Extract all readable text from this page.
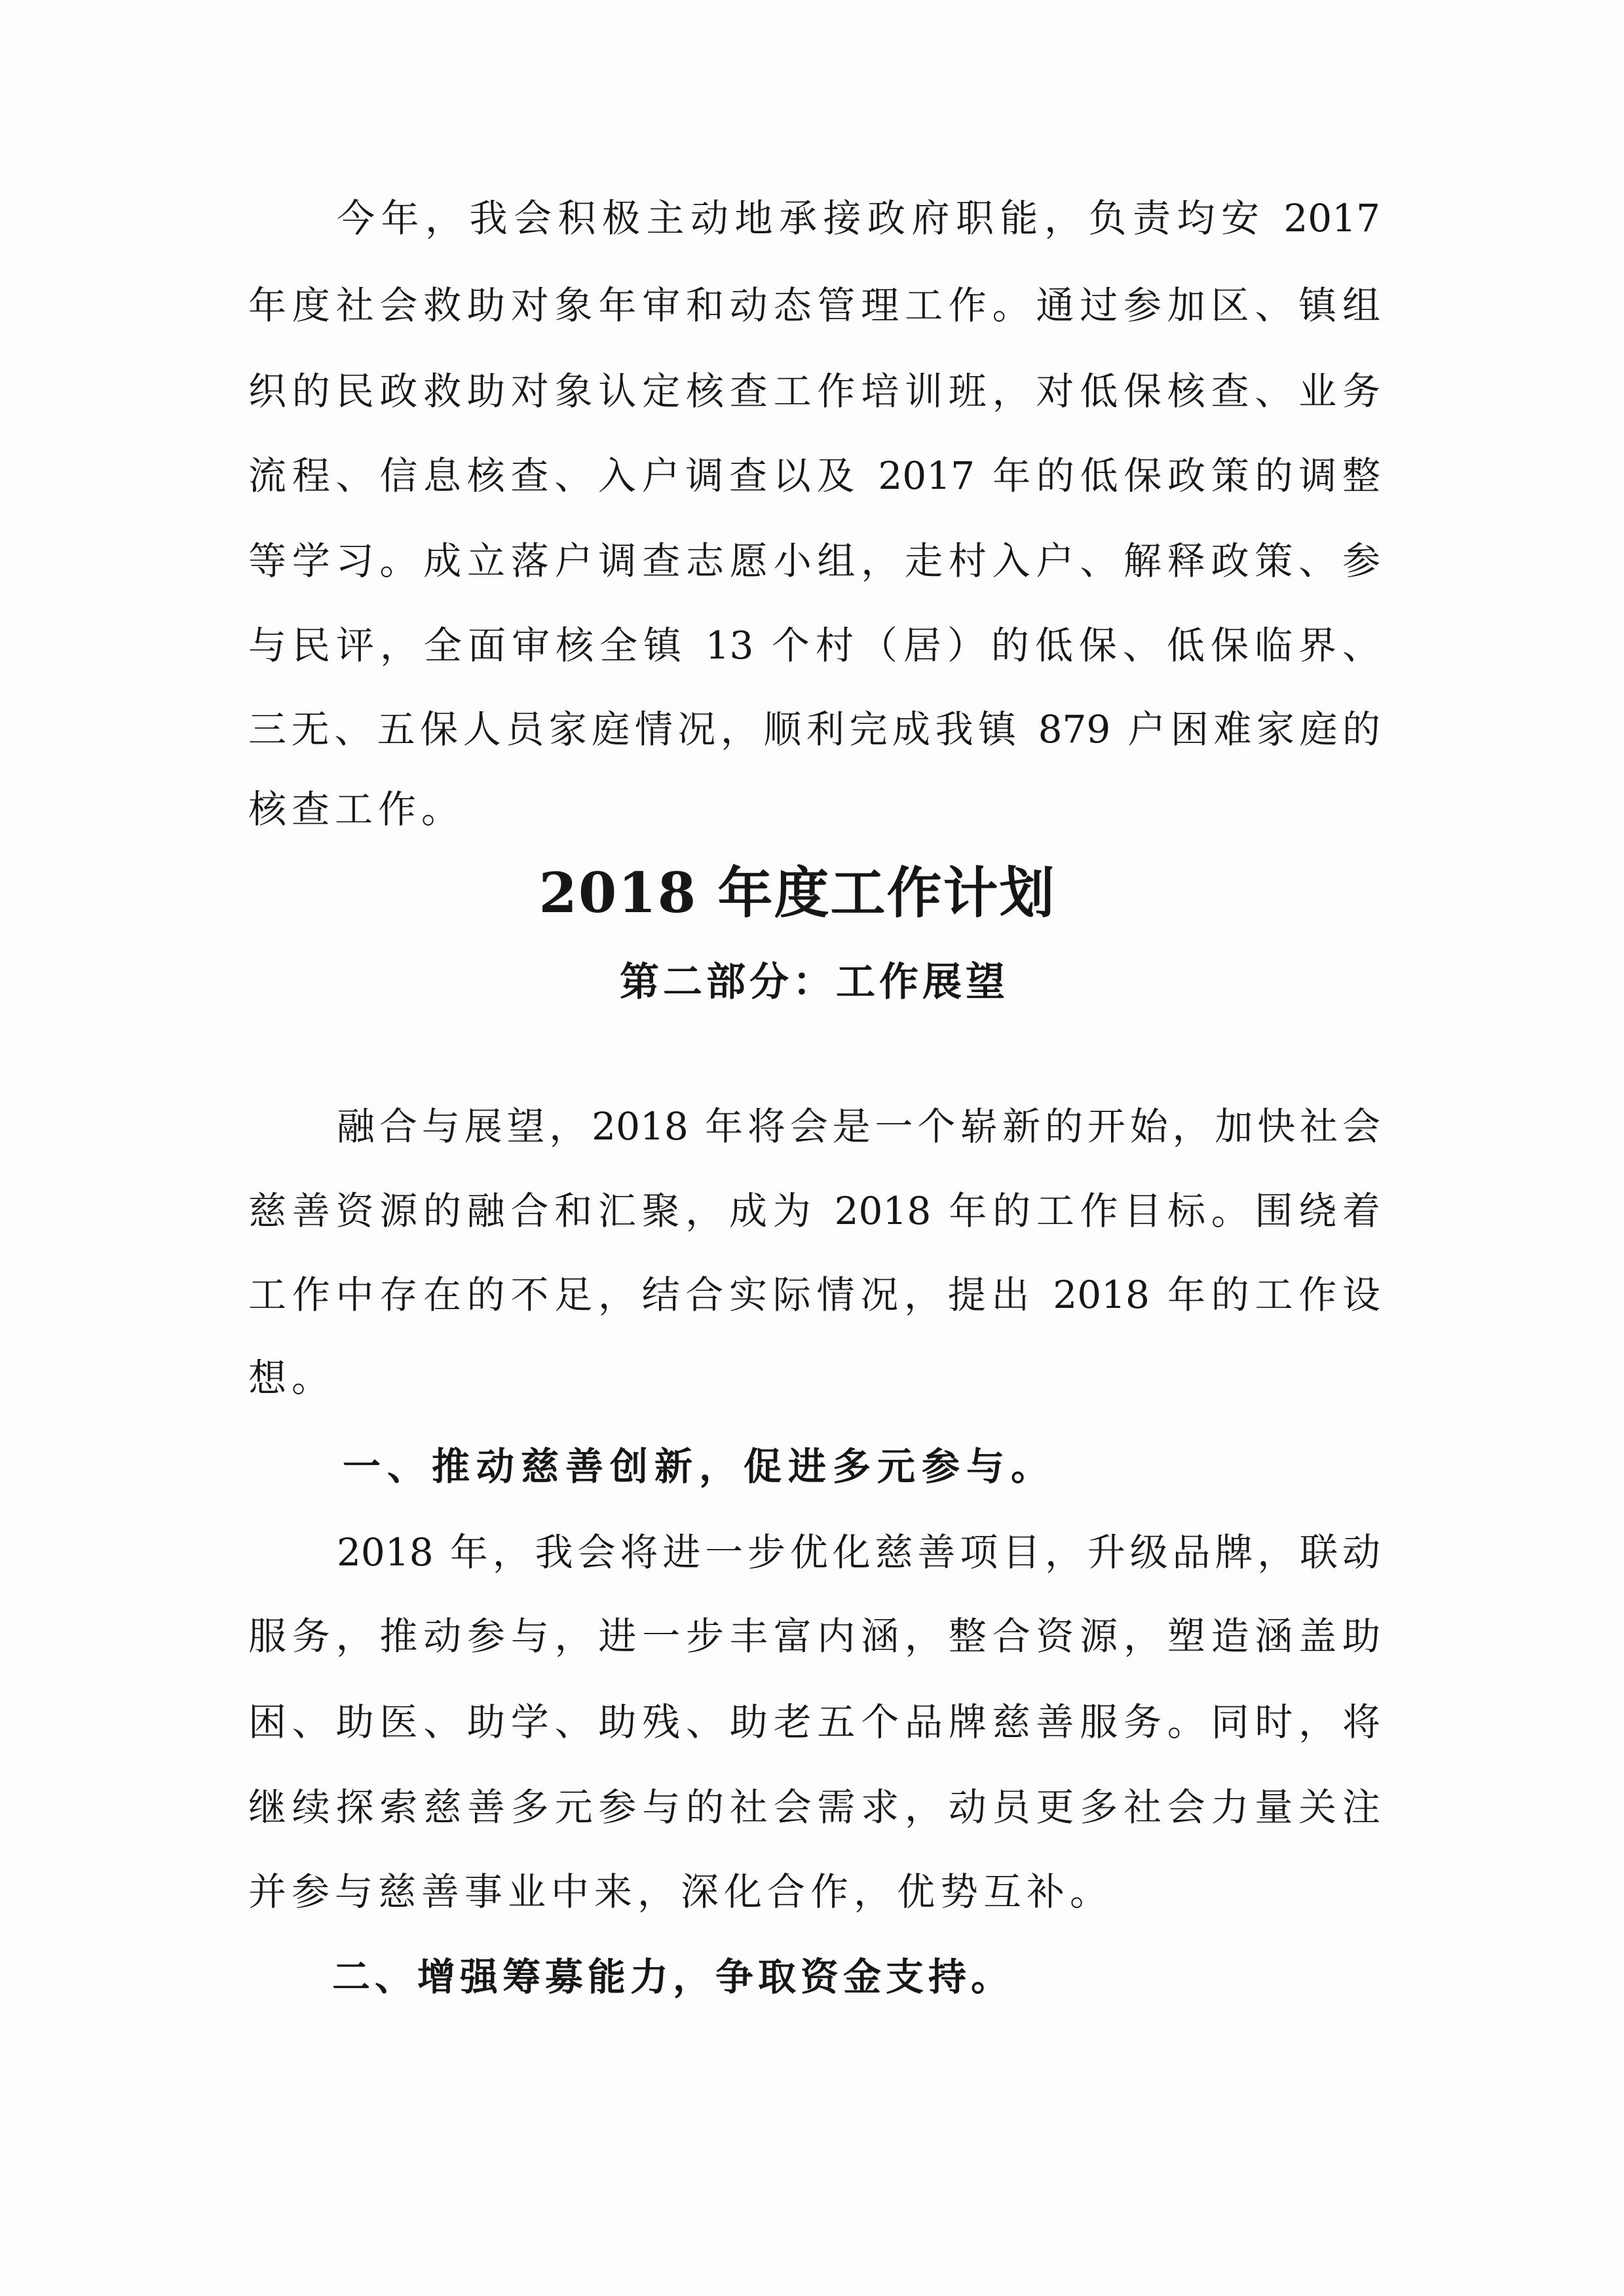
今年，我会积极主动地承接政府职能，负责均安 2017
年度社会救助对象年审和动态管理工作。通过参加区、镇组
织的民政救助对象认定核查工作培训班，对低保核查、业务
流程、信息核查、入户调查以及 2017 年的低保政策的调整
等学习。成立落户调查志愿小组，走村入户、解释政策、参
与民评，全面审核全镇 13 个村（居）的低保、低保临界、
三无、五保人员家庭情况，顺利完成我镇 879 户困难家庭的
核查工作。
2018 年度工作计划
第二部分：工作展望
融合与展望，2018 年将会是一个崭新的开始，加快社会
慈善资源的融合和汇聚，成为 2018 年的工作目标。围绕着
工作中存在的不足，结合实际情况，提出 2018 年的工作设
想。
一、推动慈善创新，促进多元参与。
2018 年，我会将进一步优化慈善项目，升级品牌，联动
服务，推动参与，进一步丰富内涵，整合资源，塑造涵盖助
困、助医、助学、助残、助老五个品牌慈善服务。同时，将
继续探索慈善多元参与的社会需求，动员更多社会力量关注
并参与慈善事业中来，深化合作，优势互补。
二、增强筹募能力，争取资金支持。
